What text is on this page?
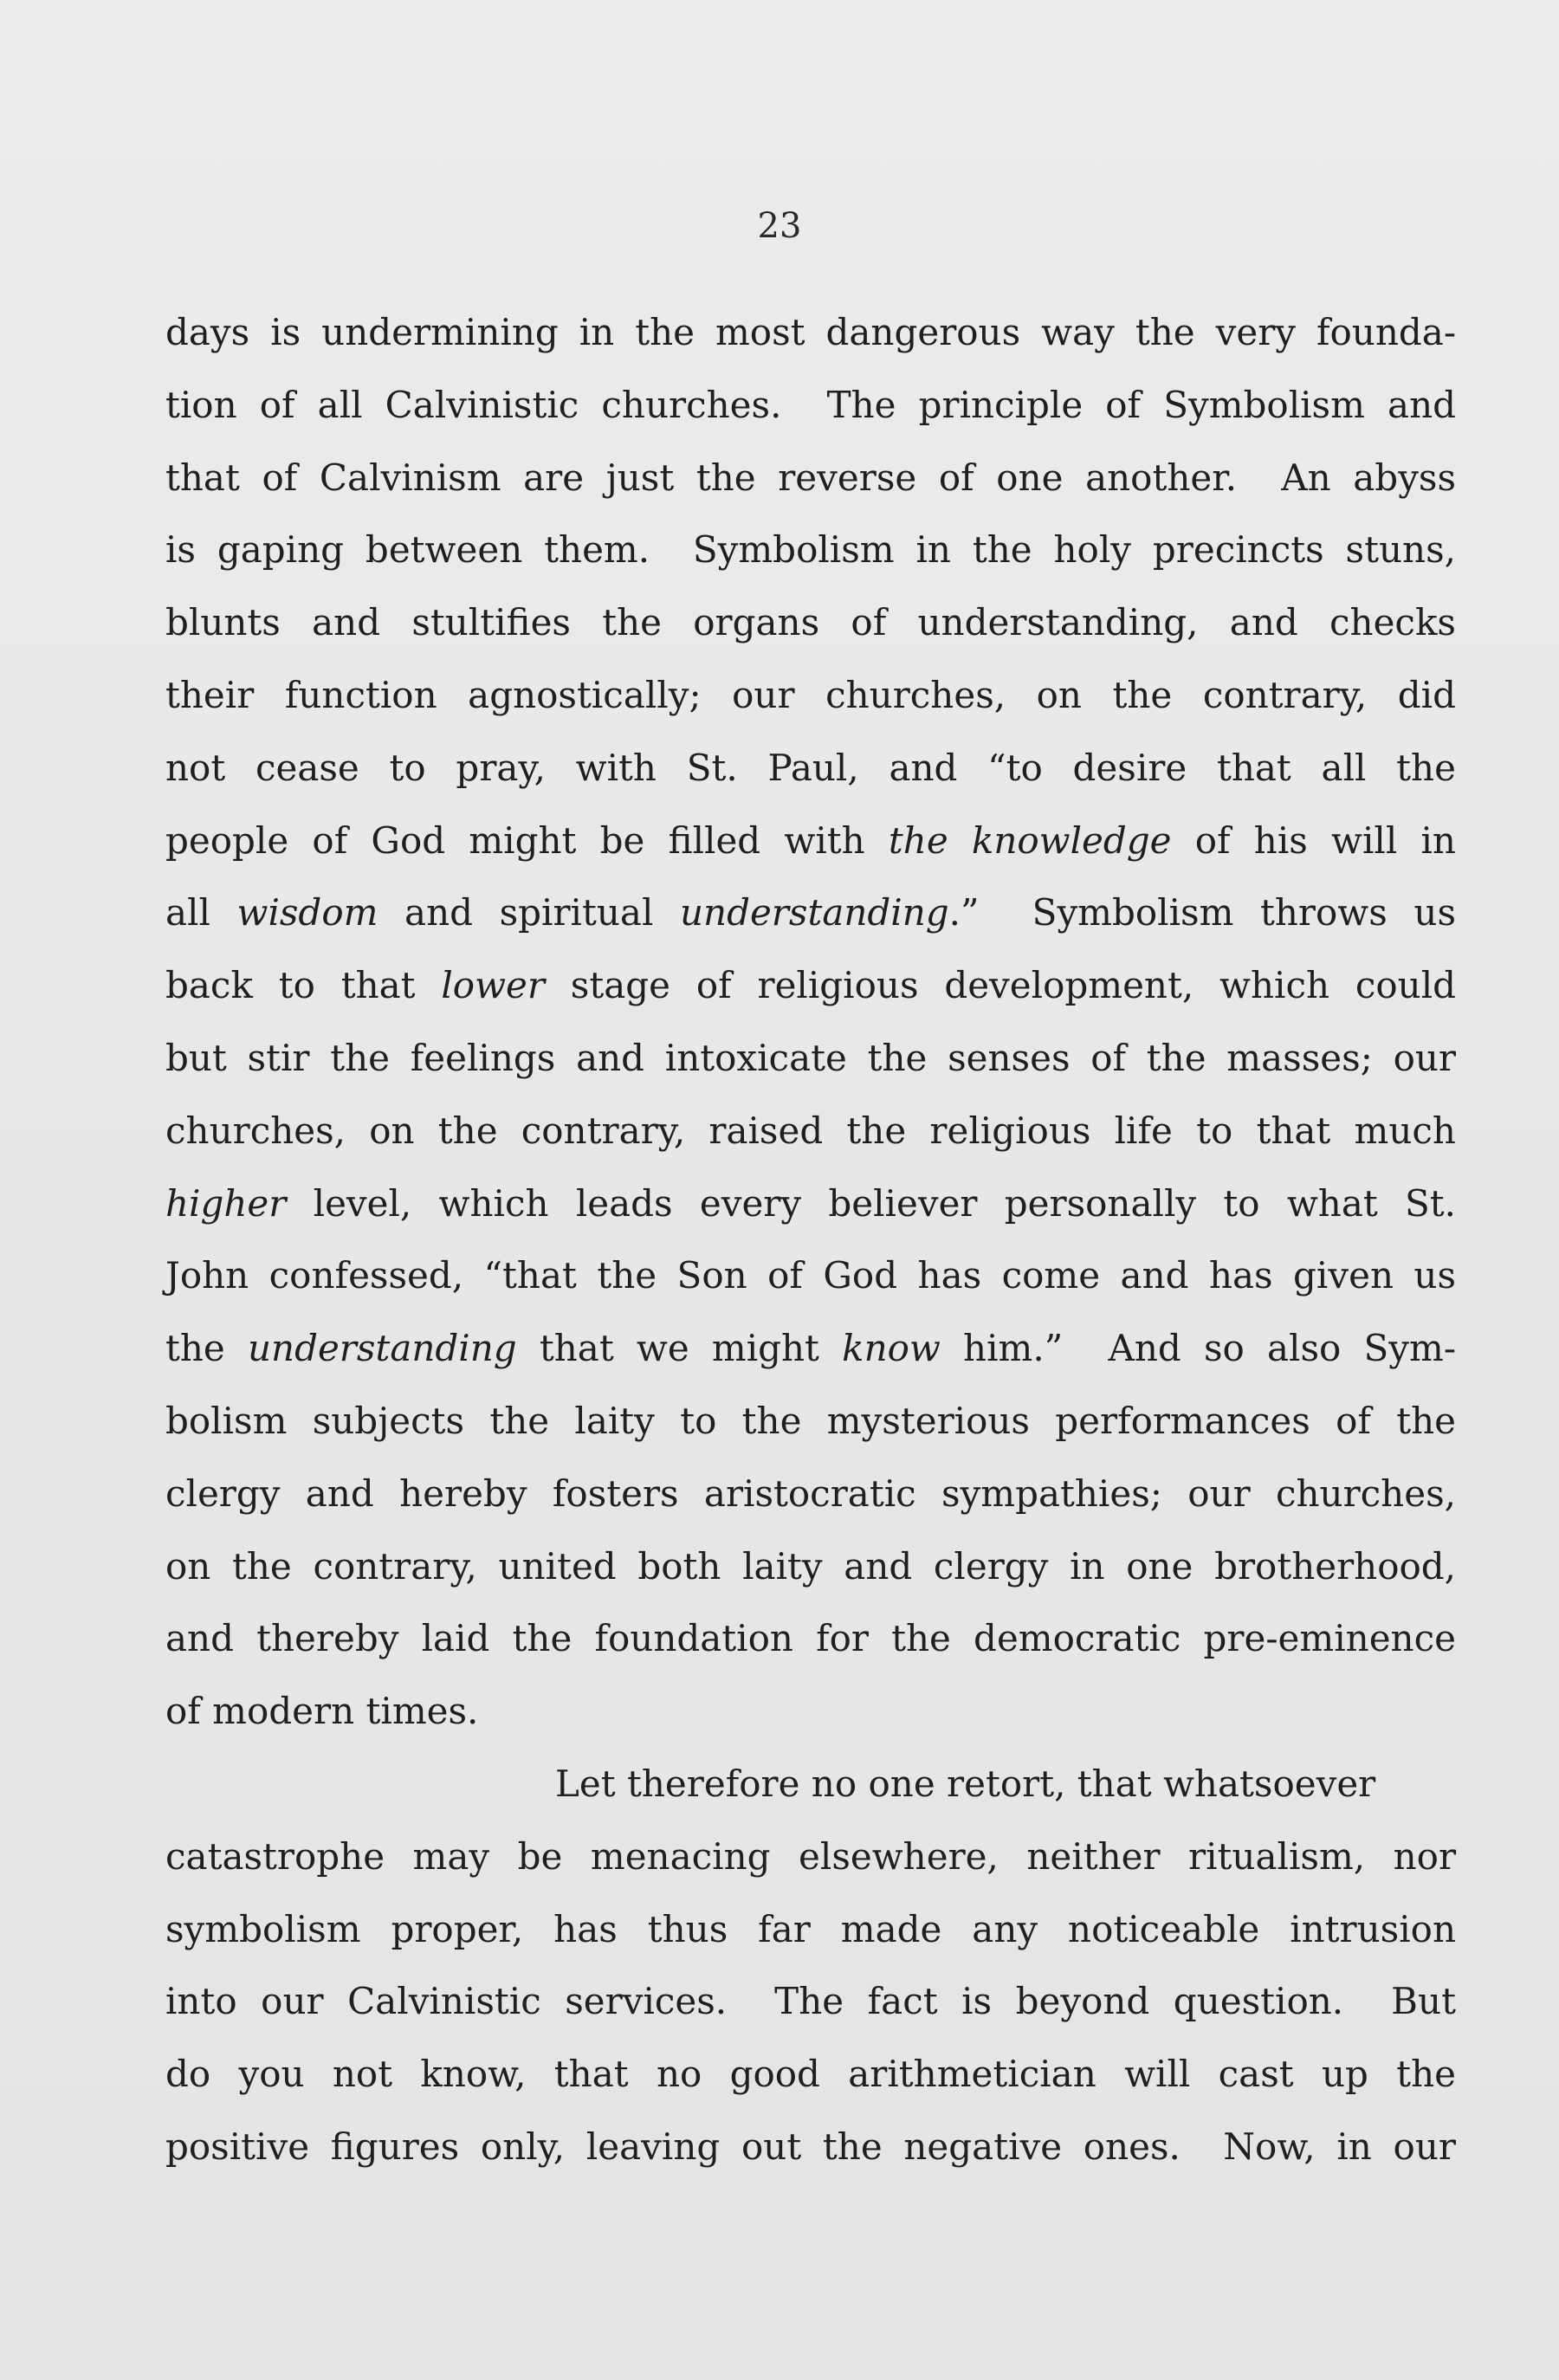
23
days is undermining in the most dangerous way the very founda-
tion of all Calvinistic churches.  The principle of Symbolism and
that of Calvinism are just the reverse of one another.  An abyss
is gaping between them.  Symbolism in the holy precincts stuns,
blunts and stultifies the organs of understanding, and checks
their function agnostically; our churches, on the contrary, did
not cease to pray, with St. Paul, and “to desire that all the
people of God might be filled with the knowledge of his will in
all wisdom and spiritual understanding.”  Symbolism throws us
back to that lower stage of religious development, which could
but stir the feelings and intoxicate the senses of the masses; our
churches, on the contrary, raised the religious life to that much
higher level, which leads every believer personally to what St.
John confessed, “that the Son of God has come and has given us
the understanding that we might know him.”  And so also Sym-
bolism subjects the laity to the mysterious performances of the
clergy and hereby fosters aristocratic sympathies; our churches,
on the contrary, united both laity and clergy in one brotherhood,
and thereby laid the foundation for the democratic pre-eminence
of modern times.
Let therefore no one retort, that whatsoever
catastrophe may be menacing elsewhere, neither ritualism, nor
symbolism proper, has thus far made any noticeable intrusion
into our Calvinistic services.  The fact is beyond question.  But
do you not know, that no good arithmetician will cast up the
positive figures only, leaving out the negative ones.  Now, in our
